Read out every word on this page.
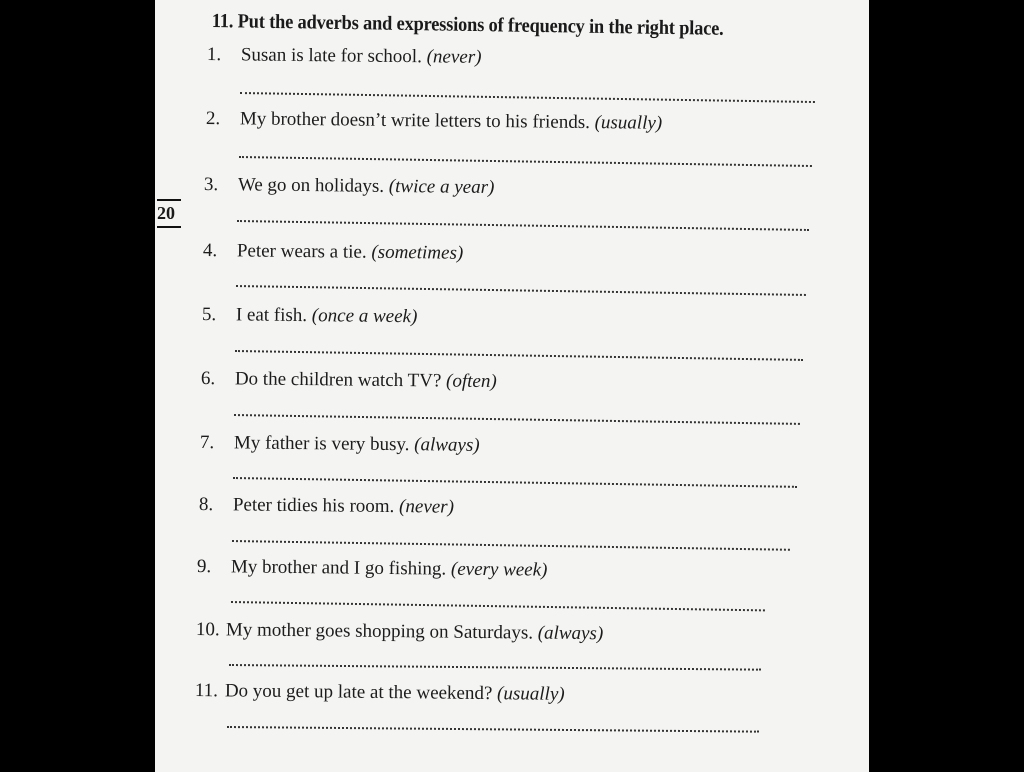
11. Put the adverbs and expressions of frequency in the right place.
20
1. Susan is late for school. (never)
2. My brother doesn’t write letters to his friends. (usually)
3. We go on holidays. (twice a year)
4. Peter wears a tie. (sometimes)
5. I eat fish. (once a week)
6. Do the children watch TV? (often)
7. My father is very busy. (always)
8. Peter tidies his room. (never)
9. My brother and I go fishing. (every week)
10. My mother goes shopping on Saturdays. (always)
11. Do you get up late at the weekend? (usually)
